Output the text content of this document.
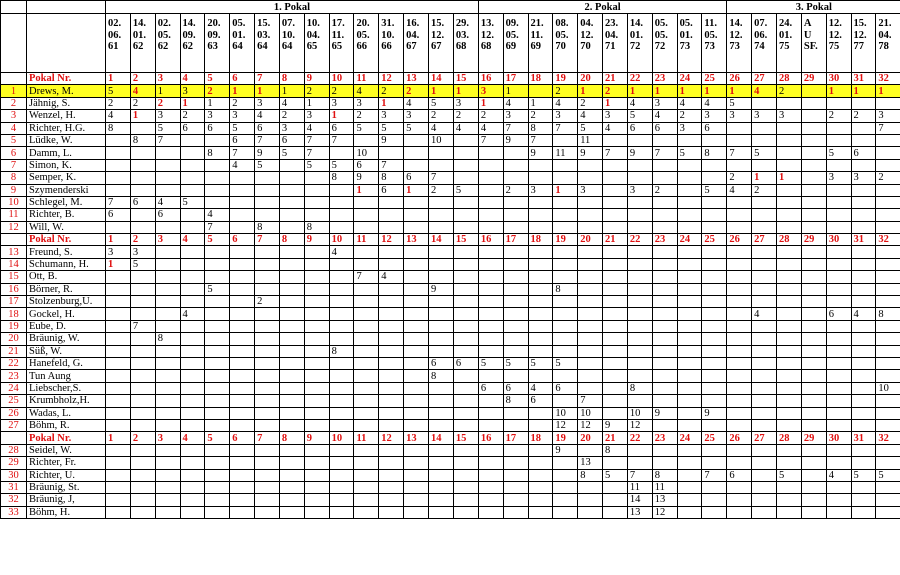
		1. Pokal															2. Pokal										3. Pokal						

		02.
06.
61	14.
01.
62	02.
05.
62	14.
09.
62	20.
09.
63	05.
01.
64	15.
03.
64	07.
10.
64	10.
04.
65	17.
11.
65	20.
05.
66	31.
10.
66	16.
04.
67	15.
12.
67	29.
03.
68	13.
12.
68	09.
05.
69	21.
11.
69	08.
05.
70	04.
12.
70	23.
04.
71	14.
01.
72	05.
05.
72	05.
01.
73	11.
05.
73	14.
12.
73	07.
06.
74	24.
01.
75	A
U
SF.	12.
12.
75	15.
12.
77	21.
04.
78

	Pokal Nr.	1	2	3	4	5	6	7	8	9	10	11	12	13	14	15	16	17	18	19	20	21	22	23	24	25	26	27	28	29	30	31	32
1	Drews, M.	5	4	1	3	2	1	1	1	2	2	4	2	2	1	1	3	1		2	1	2	1	1	1	1	1	4	2		1	1	1
2	Jähnig, S.	2	2	2	1	1	2	3	4	1	3	3	1	4	5	3	1	4	1	4	2	1	4	3	4	4	5						
3	Wenzel, H.	4	1	3	2	3	3	4	2	3	1	2	3	3	2	2	2	3	2	3	4	3	5	4	2	3	3	3	3		2	2	3
4	Richter, H.G.	8		5	6	6	5	6	3	4	6	5	5	5	4	4	4	7	8	7	5	4	6	6	3	6							7
5	Lüdke, W.		8	7			6	7	6	7	7		9		10		7	9	7		11												
6	Damm, L.					8	7	9	5	7		10							9	11	9	7	9	7	5	8	7	5			5	6	
7	Simon, K.						4	5		5	5	6	7																				
8	Semper, K.										8	9	8	6	7												2	1	1		3	3	2
9	Szymenderski											1	6	1	2	5		2	3	1	3		3	2		5	4	2					
10	Schlegel, M.	7	6	4	5																												
11	Richter, B.	6		6		4																											
12	Will, W.					7		8		8																							
	Pokal Nr.	1	2	3	4	5	6	7	8	9	10	11	12	13	14	15	16	17	18	19	20	21	22	23	24	25	26	27	28	29	30	31	32
13	Freund, S.	3	3								4																						
14	Schumann, H.	1	5																														
15	Ott, B.											7	4																				
16	Börner, R.					5									9					8													
17	Stolzenburg,U.							2																									
18	Gockel, H.				4																							4			6	4	8
19	Eube, D.		7																														
20	Bräunig, W.			8																													
21	Süß, W.										8																						
22	Hanefeld, G.														6	6	5	5	5	5													
23	Tun Aung														8																		
24	Liebscher,S.																6	6	4	6			8										10
25	Krumbholz,H.																	8	6		7												
26	Wadas, L.																			10	10		10	9		9							
27	Böhm, R.																			12	12	9	12										
	Pokal Nr.	1	2	3	4	5	6	7	8	9	10	11	12	13	14	15	16	17	18	19	20	21	22	23	24	25	26	27	28	29	30	31	32
28	Seidel, W.																			9		8											
29	Richter, Fr.																				13												
30	Richter, U.																				8	5	7	8		7	6		5		4	5	5
31	Bräunig, St.																						11	11									
32	Bräunig, J,																						14	13									
33	Böhm, H.																						13	12									
